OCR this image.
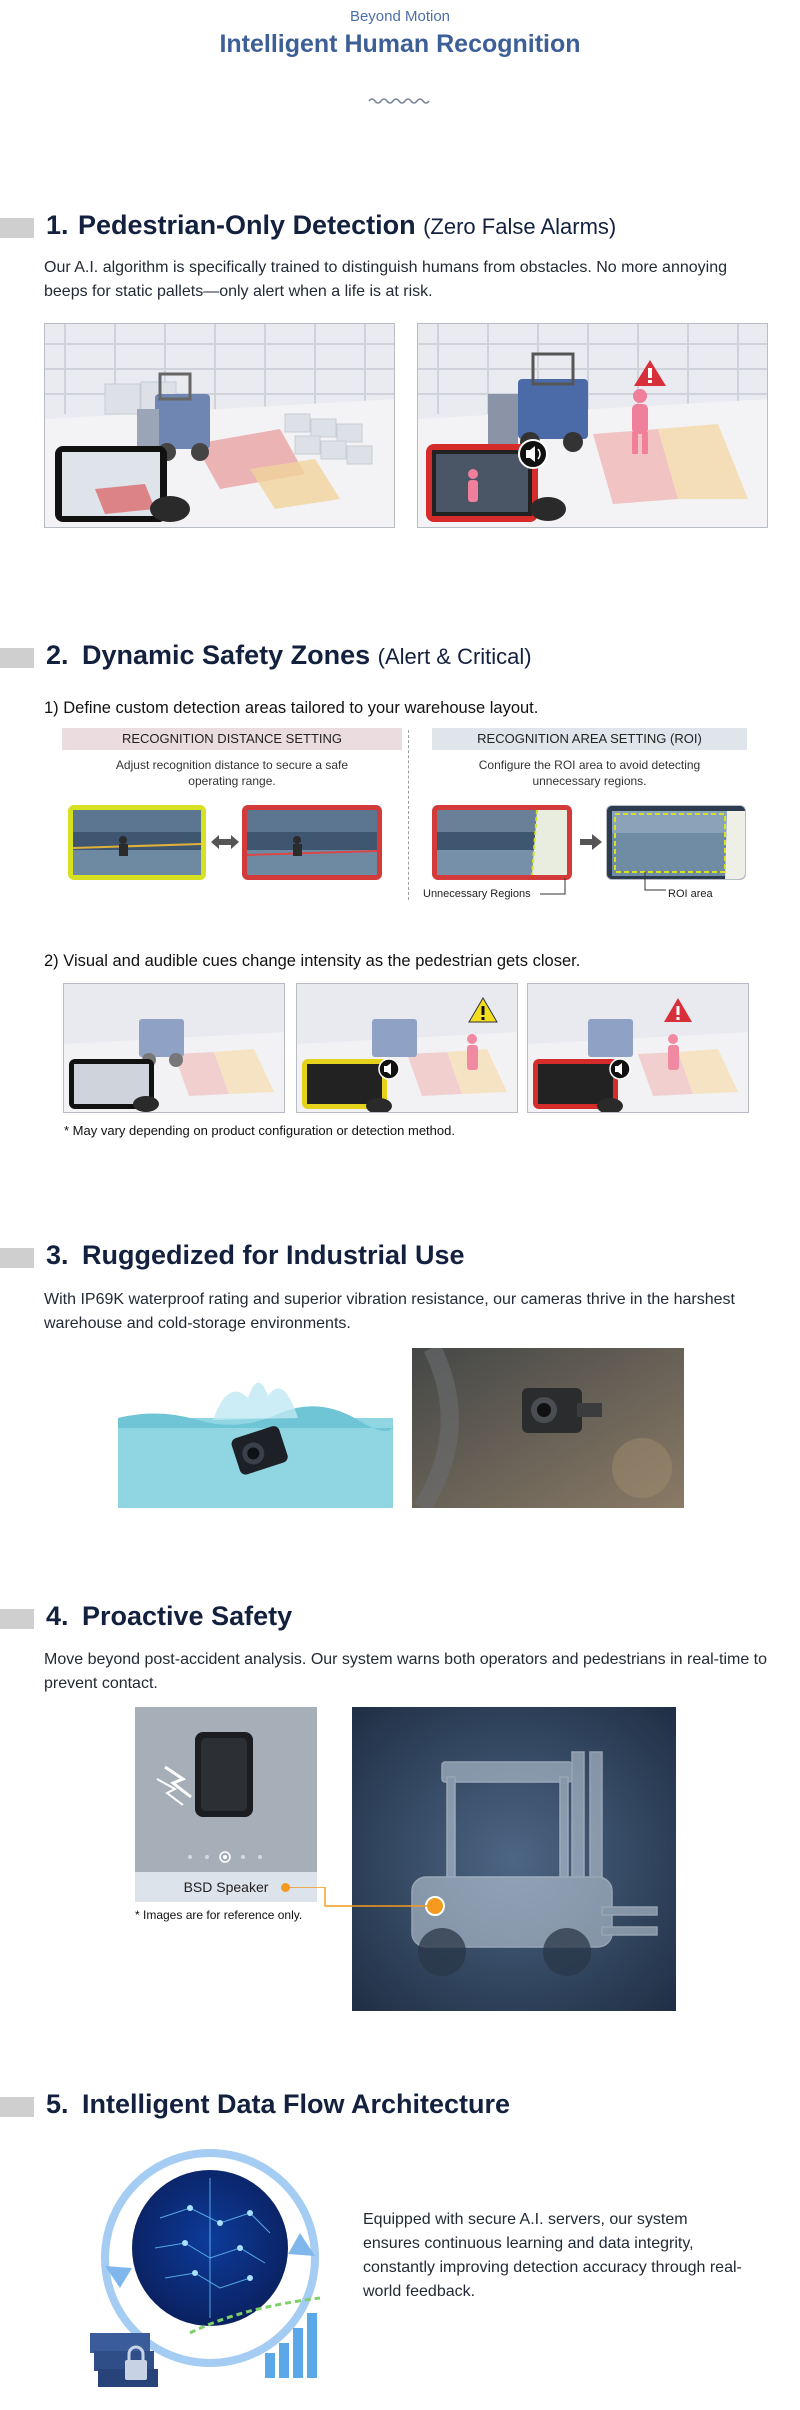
Beyond Motion
Intelligent Human Recognition
1. Pedestrian-Only Detection (Zero False Alarms)
Our A.I. algorithm is specifically trained to distinguish humans from obstacles. No more annoying beeps for static pallets—only alert when a life is at risk.
2. Dynamic Safety Zones (Alert & Critical)
1) Define custom detection areas tailored to your warehouse layout.
RECOGNITION DISTANCE SETTING
Adjust recognition distance to secure a safe operating range.
RECOGNITION AREA SETTING (ROI)
Configure the ROI area to avoid detecting unnecessary regions.
Unnecessary Regions	ROI area
2) Visual and audible cues change intensity as the pedestrian gets closer.
* May vary depending on product configuration or detection method.
3. Ruggedized for Industrial Use
With IP69K waterproof rating and superior vibration resistance, our cameras thrive in the harshest warehouse and cold-storage environments.
4. Proactive Safety
Move beyond post-accident analysis. Our system warns both operators and pedestrians in real-time to prevent contact.
BSD Speaker
* Images are for reference only.
5. Intelligent Data Flow Architecture
Equipped with secure A.I. servers, our system ensures continuous learning and data integrity, constantly improving detection accuracy through real-world feedback.
